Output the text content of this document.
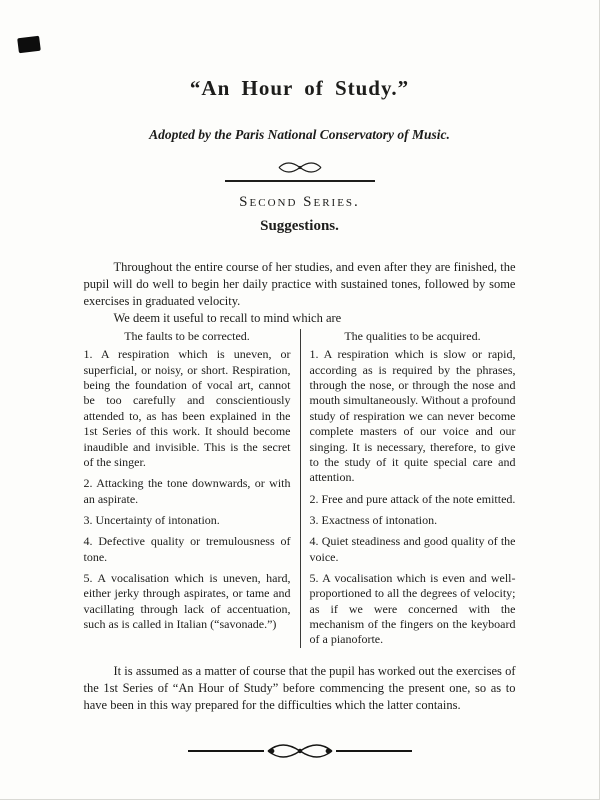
“An Hour of Study.”
Adopted by the Paris National Conservatory of Music.
Second Series.
Suggestions.

Throughout the entire course of her studies, and even after they are finished, the pupil will do well to begin her daily practice with sustained tones, followed by some exercises in graduated velocity.

We deem it useful to recall to mind which are

The faults to be corrected.

1. A respiration which is uneven, or superficial, or noisy, or short. Respiration, being the foundation of vocal art, cannot be too carefully and conscientiously attended to, as has been explained in the 1st Series of this work. It should become inaudible and invisible. This is the secret of the singer.

2. Attacking the tone downwards, or with an aspirate.

3. Uncertainty of intonation.

4. Defective quality or tremulousness of tone.

5. A vocalisation which is uneven, hard, either jerky through aspirates, or tame and vacillating through lack of accentuation, such as is called in Italian (“savonade.”)

The qualities to be acquired.

1. A respiration which is slow or rapid, according as is required by the phrases, through the nose, or through the nose and mouth simultaneously. Without a profound study of respiration we can never become complete masters of our voice and our singing. It is necessary, therefore, to give to the study of it quite special care and attention.

2. Free and pure attack of the note emitted.

3. Exactness of intonation.

4. Quiet steadiness and good quality of the voice.

5. A vocalisation which is even and well-proportioned to all the degrees of velocity; as if we were concerned with the mechanism of the fingers on the keyboard of a pianoforte.

It is assumed as a matter of course that the pupil has worked out the exercises of the 1st Series of “An Hour of Study” before commencing the present one, so as to have been in this way prepared for the difficulties which the latter contains.
